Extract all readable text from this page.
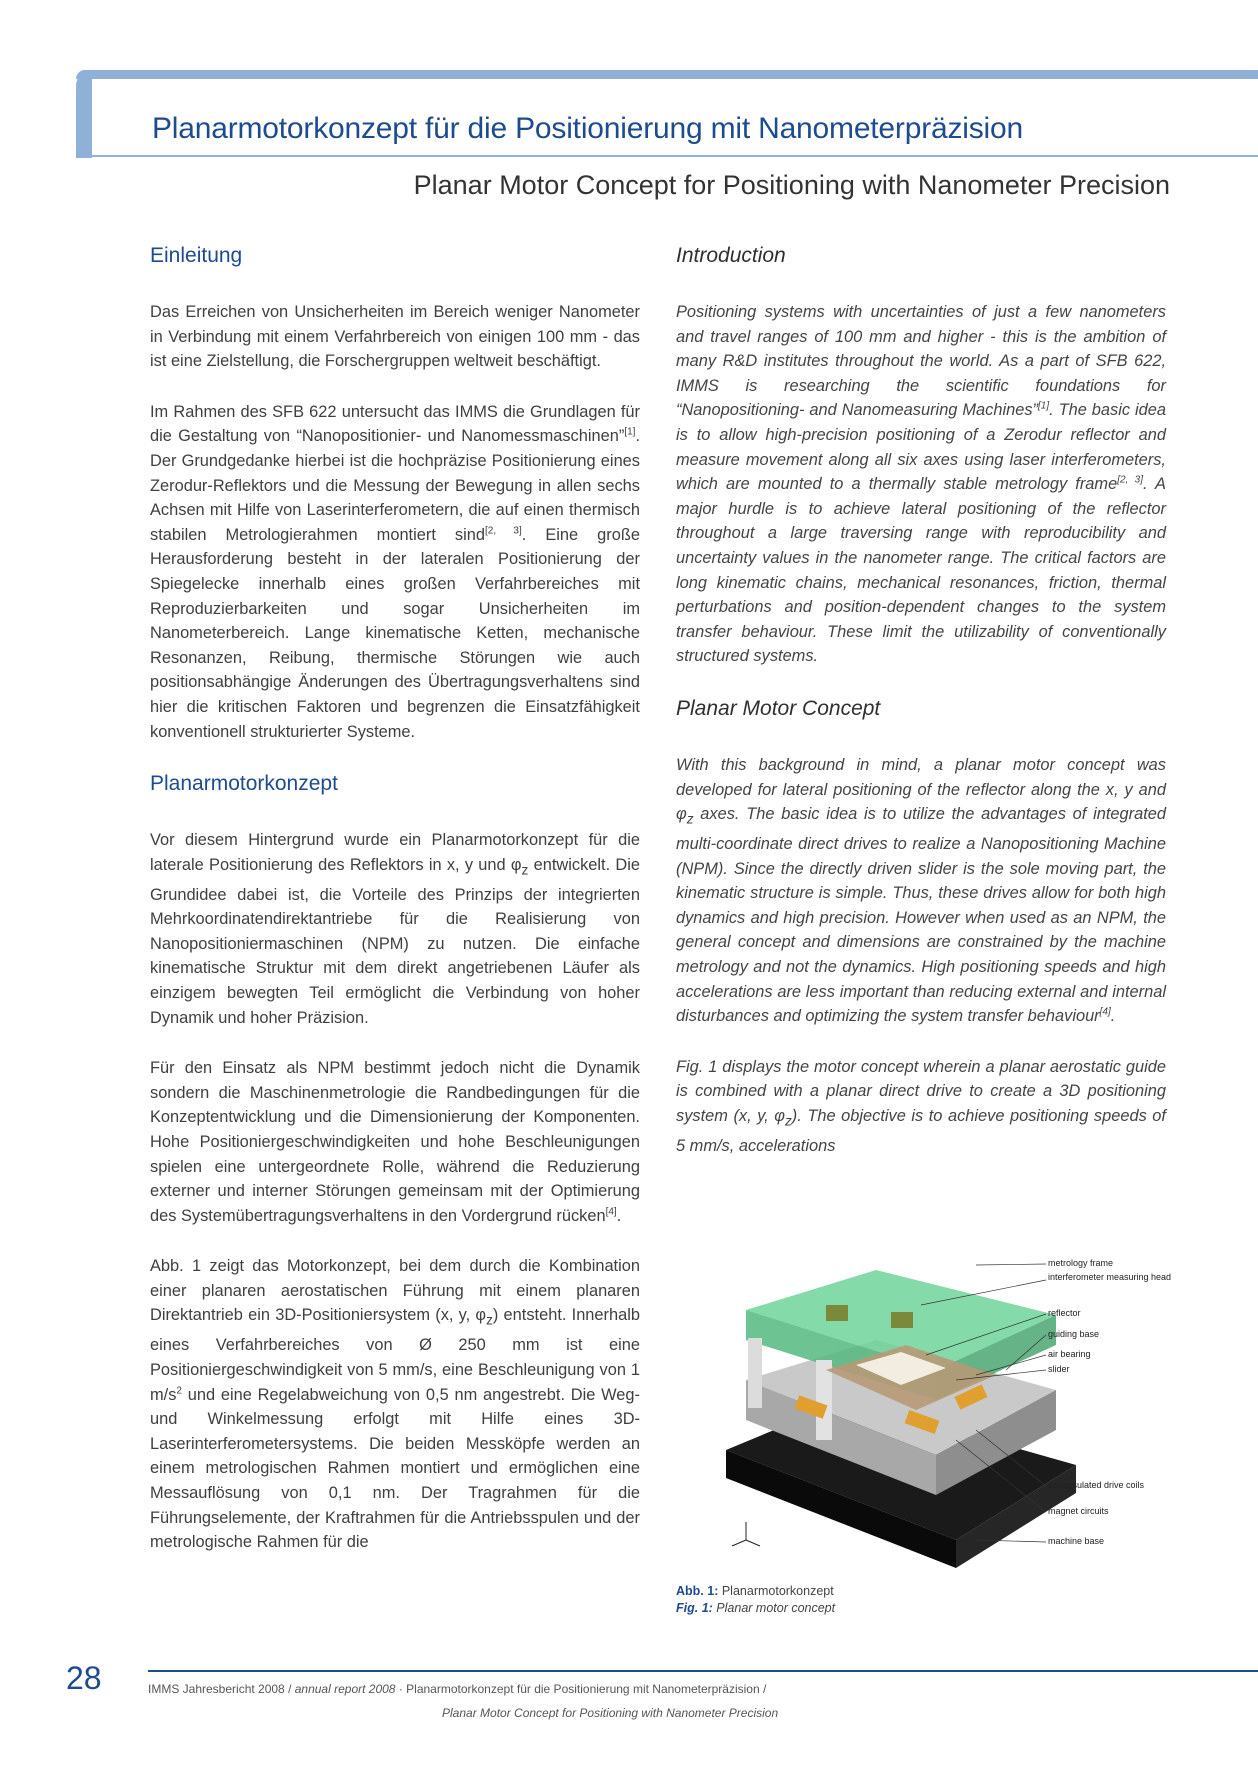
Planarmotorkonzept für die Positionierung mit Nanometerpräzision
Planar Motor Concept for Positioning with Nanometer Precision
Einleitung

Das Erreichen von Unsicherheiten im Bereich weniger Nanometer in Verbindung mit einem Verfahrbereich von einigen 100 mm - das ist eine Zielstellung, die Forschergruppen weltweit beschäftigt.

Im Rahmen des SFB 622 untersucht das IMMS die Grundlagen für die Gestaltung von “Nanopositionier- und Nanomessmaschinen”[1]. Der Grundgedanke hierbei ist die hochpräzise Positionierung eines Zerodur-Reflektors und die Messung der Bewegung in allen sechs Achsen mit Hilfe von Laserinterferometern, die auf einen thermisch stabilen Metrologierahmen montiert sind[2, 3]. Eine große Herausforderung besteht in der lateralen Positionierung der Spiegelecke innerhalb eines großen Verfahrbereiches mit Reproduzierbarkeiten und sogar Unsicherheiten im Nanometerbereich. Lange kinematische Ketten, mechanische Resonanzen, Reibung, thermische Störungen wie auch positionsabhängige Änderungen des Übertragungsverhaltens sind hier die kritischen Faktoren und begrenzen die Einsatzfähigkeit konventionell strukturierter Systeme.

Planarmotorkonzept

Vor diesem Hintergrund wurde ein Planarmotorkonzept für die laterale Positionierung des Reflektors in x, y und $\varphi_z$ entwickelt. Die Grundidee dabei ist, die Vorteile des Prinzips der integrierten Mehrkoordinatendirektantriebe für die Realisierung von Nanopositioniermaschinen (NPM) zu nutzen. Die einfache kinematische Struktur mit dem direkt angetriebenen Läufer als einzigem bewegten Teil ermöglicht die Verbindung von hoher Dynamik und hoher Präzision.

Für den Einsatz als NPM bestimmt jedoch nicht die Dynamik sondern die Maschinenmetrologie die Randbedingungen für die Konzeptentwicklung und die Dimensionierung der Komponenten. Hohe Positioniergeschwindigkeiten und hohe Beschleunigungen spielen eine untergeordnete Rolle, während die Reduzierung externer und interner Störungen gemeinsam mit der Optimierung des Systemübertragungsverhaltens in den Vordergrund rücken[4].

Abb. 1 zeigt das Motorkonzept, bei dem durch die Kombination einer planaren aerostatischen Führung mit einem planaren Direktantrieb ein 3D-Positioniersystem (x, y, $\varphi_z$) entsteht. Innerhalb eines Verfahrbereiches von Ø 250 mm ist eine Positioniergeschwindigkeit von 5 mm/s, eine Beschleunigung von 1 $m/s^2$ und eine Regelabweichung von 0,5 nm angestrebt. Die Weg- und Winkelmessung erfolgt mit Hilfe eines 3D-Laserinterferometersystems. Die beiden Messköpfe werden an einem metrologischen Rahmen montiert und ermöglichen eine Messauflösung von 0,1 nm. Der Tragrahmen für die Führungselemente, der Kraftrahmen für die Antriebsspulen und der metrologische Rahmen für die

Introduction

Positioning systems with uncertainties of just a few nanometers and travel ranges of 100 mm and higher - this is the ambition of many R&D institutes throughout the world. As a part of SFB 622, IMMS is researching the scientific foundations for “Nanopositioning- and Nanomeasuring Machines”[1]. The basic idea is to allow high-precision positioning of a Zerodur reflector and measure movement along all six axes using laser interferometers, which are mounted to a thermally stable metrology frame[2, 3]. A major hurdle is to achieve lateral positioning of the reflector throughout a large traversing range with reproducibility and uncertainty values in the nanometer range. The critical factors are long kinematic chains, mechanical resonances, friction, thermal perturbations and position-dependent changes to the system transfer behaviour. These limit the utilizability of conventionally structured systems.

Planar Motor Concept

With this background in mind, a planar motor concept was developed for lateral positioning of the reflector along the x, y and $\varphi_z$ axes. The basic idea is to utilize the advantages of integrated multi-coordinate direct drives to realize a Nanopositioning Machine (NPM). Since the directly driven slider is the sole moving part, the kinematic structure is simple. Thus, these drives allow for both high dynamics and high precision. However when used as an NPM, the general concept and dimensions are constrained by the machine metrology and not the dynamics. High positioning speeds and high accelerations are less important than reducing external and internal disturbances and optimizing the system transfer behaviour[4].

Fig. 1 displays the motor concept wherein a planar aerostatic guide is combined with a planar direct drive to create a 3D positioning system (x, y, $\varphi_z$). The objective is to achieve positioning speeds of 5 mm/s, accelerations

metrology frame
interferometer measuring head
reflector
guiding base
air bearing
slider
encapsulated drive coils
magnet circuits
machine base
Abb. 1: Planarmotorkonzept
Fig. 1: Planar motor concept
28	IMMS Jahresbericht 2008 / annual report 2008 · Planarmotorkonzept für die Positionierung mit Nanometerpräzision /
Planar Motor Concept for Positioning with Nanometer Precision
